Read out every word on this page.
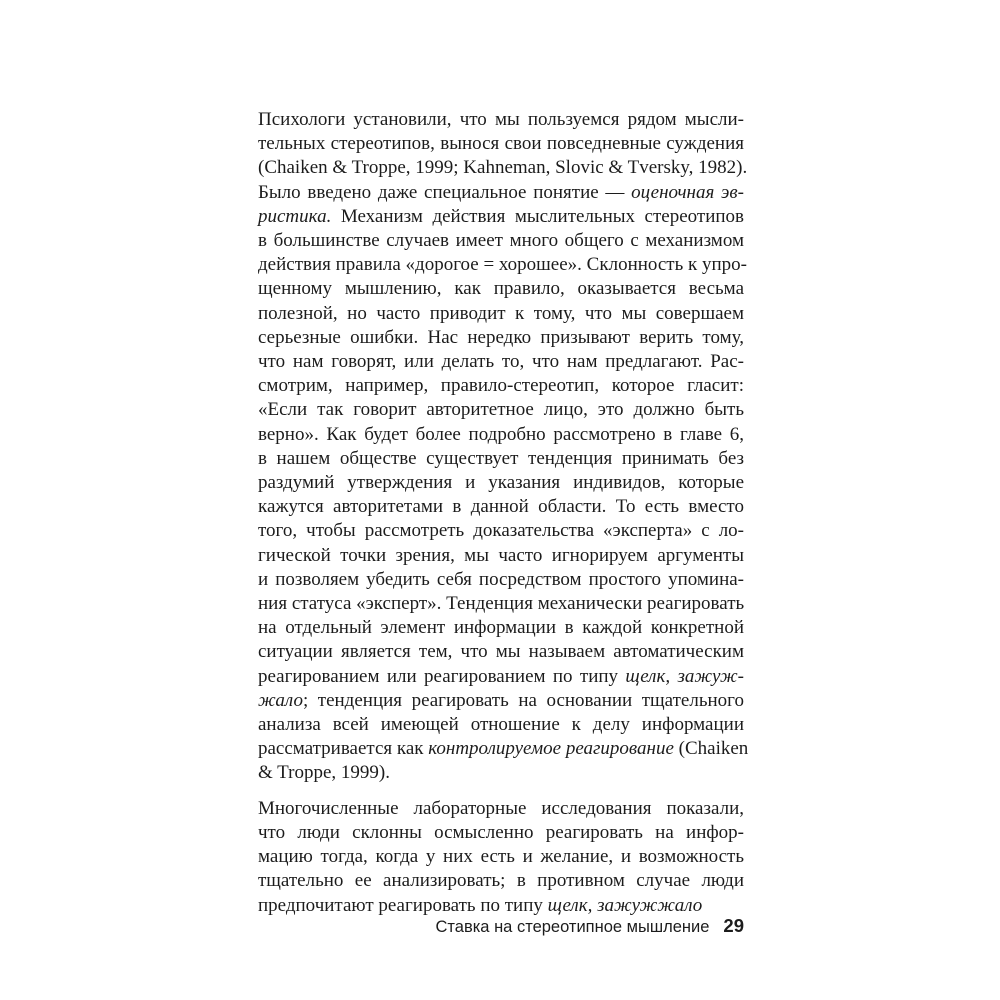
Психологи установили, что мы пользуемся рядом мысли-
тельных стереотипов, вынося свои повседневные суждения
(Chaiken & Troppe, 1999; Kahneman, Slovic & Tversky, 1982).
Было введено даже специальное понятие — оценочная эв-
ристика. Механизм действия мыслительных стереотипов
в большинстве случаев имеет много общего с механизмом
действия правила «дорогое = хорошее». Склонность к упро-
щенному мышлению, как правило, оказывается весьма
полезной, но часто приводит к тому, что мы совершаем
серьезные ошибки. Нас нередко призывают верить тому,
что нам говорят, или делать то, что нам предлагают. Рас-
смотрим, например, правило-стереотип, которое гласит:
«Если так говорит авторитетное лицо, это должно быть
верно». Как будет более подробно рассмотрено в главе 6,
в нашем обществе существует тенденция принимать без
раздумий утверждения и указания индивидов, которые
кажутся авторитетами в данной области. То есть вместо
того, чтобы рассмотреть доказательства «эксперта» с ло-
гической точки зрения, мы часто игнорируем аргументы
и позволяем убедить себя посредством простого упомина-
ния статуса «эксперт». Тенденция механически реагировать
на отдельный элемент информации в каждой конкретной
ситуации является тем, что мы называем автоматическим
реагированием или реагированием по типу щелк, зажуж-
жало; тенденция реагировать на основании тщательного
анализа всей имеющей отношение к делу информации
рассматривается как контролируемое реагирование (Chaiken
& Troppe, 1999).

Многочисленные лабораторные исследования показали,
что люди склонны осмысленно реагировать на инфор-
мацию тогда, когда у них есть и желание, и возможность
тщательно ее анализировать; в противном случае люди
предпочитают реагировать по типу щелк, зажужжало

Ставка на стереотипное мышление 29
